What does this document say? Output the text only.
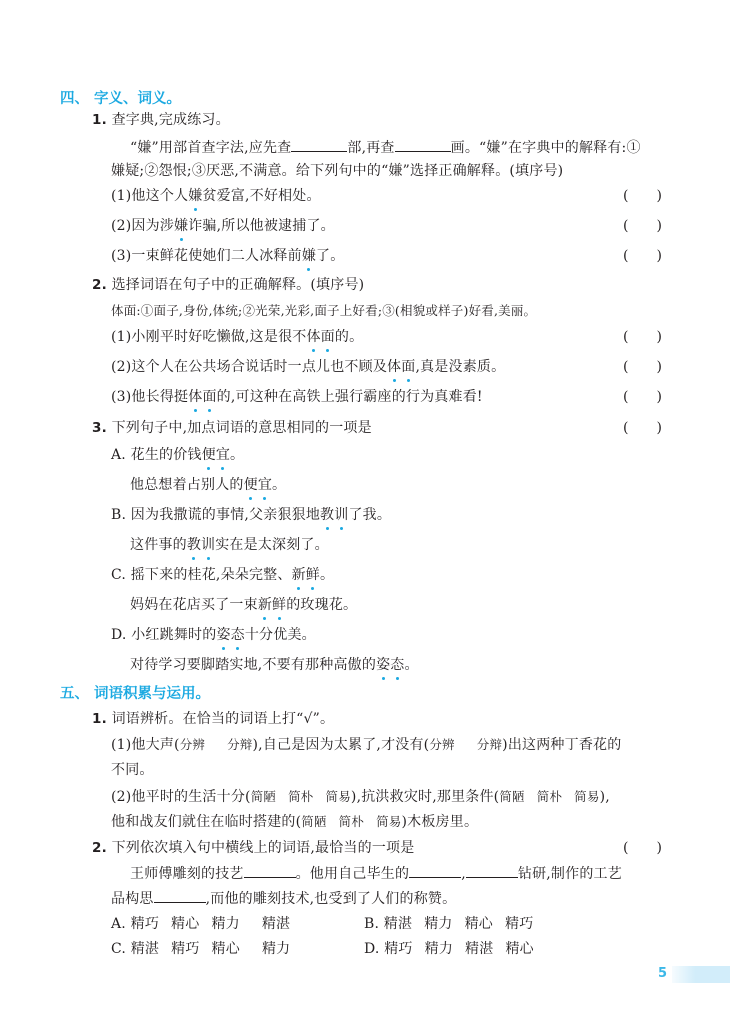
四、 字义、词义。
1. 查字典,完成练习。
“嫌”用部首查字法,应先查	部,再查	画。“嫌”在字典中的解释有:①
嫌疑;②怨恨;③厌恶,不满意。给下列句中的“嫌”选择正确解释。(填序号)
(1)他这个人嫌贫爱富,不好相处。	(　　)
(2)因为涉嫌诈骗,所以他被逮捕了。	(　　)
(3)一束鲜花使她们二人冰释前嫌了。	(　　)
2. 选择词语在句子中的正确解释。(填序号)
体面:①面子,身份,体统;②光荣,光彩,面子上好看;③(相貌或样子)好看,美丽。
(1)小刚平时好吃懒做,这是很不体面的。	(　　)
(2)这个人在公共场合说话时一点儿也不顾及体面,真是没素质。	(　　)
(3)他长得挺体面的,可这种在高铁上强行霸座的行为真难看!	(　　)
3. 下列句子中,加点词语的意思相同的一项是	(　　)
A. 花生的价钱便宜。
他总想着占别人的便宜。
B. 因为我撒谎的事情,父亲狠狠地教训了我。
这件事的教训实在是太深刻了。
C. 摇下来的桂花,朵朵完整、新鲜。
妈妈在花店买了一束新鲜的玫瑰花。
D. 小红跳舞时的姿态十分优美。
对待学习要脚踏实地,不要有那种高傲的姿态。
五、 词语积累与运用。
1. 词语辨析。在恰当的词语上打“√”。
(1)他大声(分辨 分辩),自己是因为太累了,才没有(分辨 分辩)出这两种丁香花的
不同。
(2)他平时的生活十分(简陋 简朴 简易),抗洪救灾时,那里条件(简陋 简朴 简易),
他和战友们就住在临时搭建的(简陋 简朴 简易)木板房里。
2. 下列依次填入句中横线上的词语,最恰当的一项是	(　　)
王师傅雕刻的技艺	。他用自己毕生的	,	钻研,制作的工艺
品构思	,而他的雕刻技术,也受到了人们的称赞。
A. 精巧 精心 精力 精湛	B. 精湛 精力 精心 精巧
C. 精湛 精巧 精心 精力	D. 精巧 精力 精湛 精心
5
